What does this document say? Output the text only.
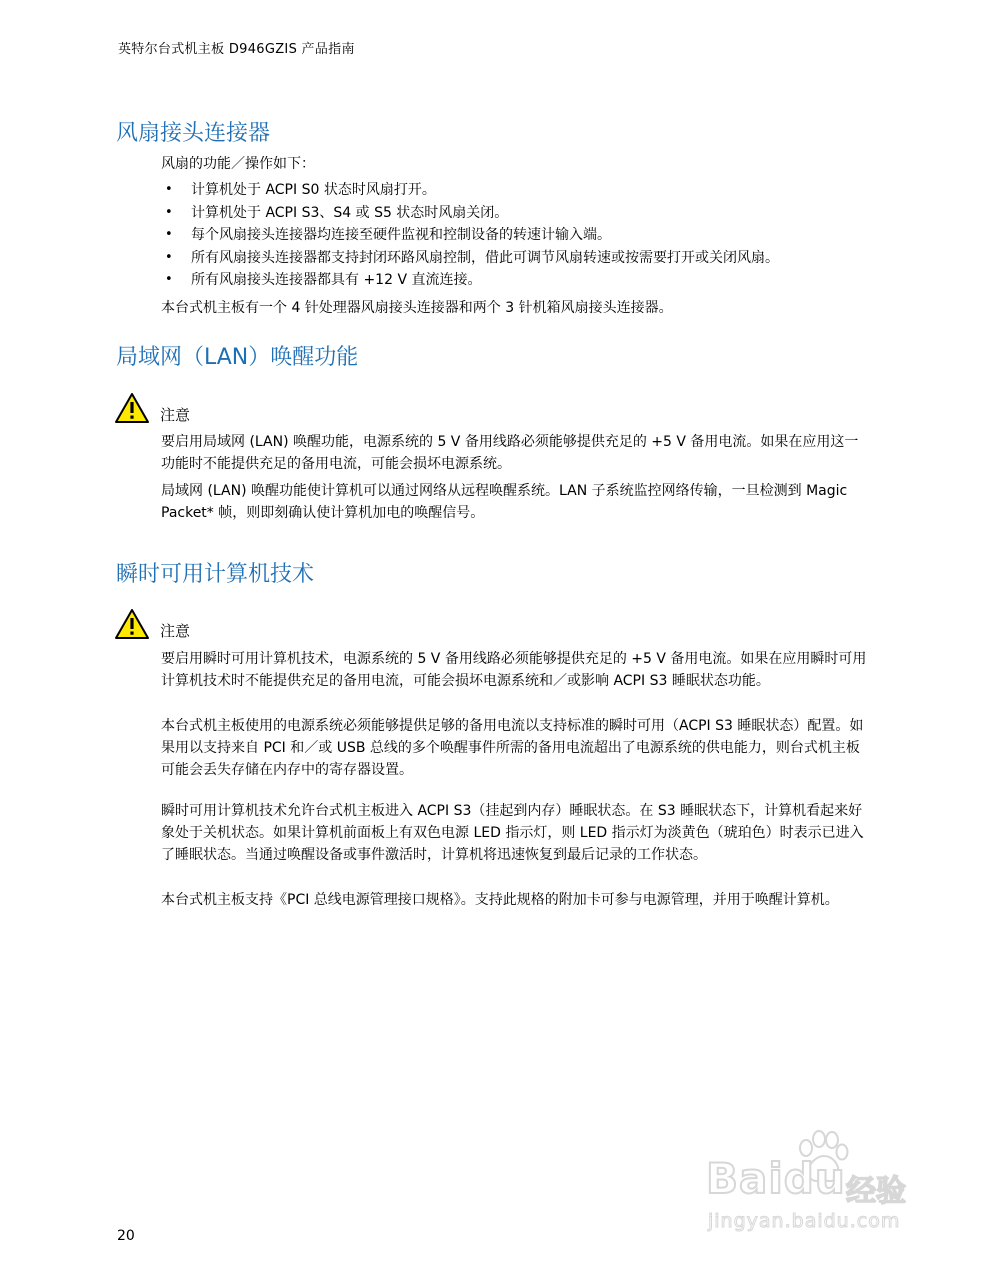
英特尔台式机主板 D946GZIS 产品指南
风扇接头连接器

风扇的功能／操作如下：

• 计算机处于 ACPI S0 状态时风扇打开。
• 计算机处于 ACPI S3、S4 或 S5 状态时风扇关闭。
• 每个风扇接头连接器均连接至硬件监视和控制设备的转速计输入端。
• 所有风扇接头连接器都支持封闭环路风扇控制，借此可调节风扇转速或按需要打开或关闭风扇。
• 所有风扇接头连接器都具有 +12 V 直流连接。

本台式机主板有一个 4 针处理器风扇接头连接器和两个 3 针机箱风扇接头连接器。

局域网（LAN）唤醒功能
注意

要启用局域网 (LAN) 唤醒功能，电源系统的 5 V 备用线路必须能够提供充足的 +5 V 备用电流。如果在应用这一功能时不能提供充足的备用电流，可能会损坏电源系统。

局域网 (LAN) 唤醒功能使计算机可以通过网络从远程唤醒系统。LAN 子系统监控网络传输，一旦检测到 Magic Packet* 帧，则即刻确认使计算机加电的唤醒信号。

瞬时可用计算机技术
注意

要启用瞬时可用计算机技术，电源系统的 5 V 备用线路必须能够提供充足的 +5 V 备用电流。如果在应用瞬时可用计算机技术时不能提供充足的备用电流，可能会损坏电源系统和／或影响 ACPI S3 睡眠状态功能。

本台式机主板使用的电源系统必须能够提供足够的备用电流以支持标准的瞬时可用（ACPI S3 睡眠状态）配置。如果用以支持来自 PCI 和／或 USB 总线的多个唤醒事件所需的备用电流超出了电源系统的供电能力，则台式机主板可能会丢失存储在内存中的寄存器设置。

瞬时可用计算机技术允许台式机主板进入 ACPI S3（挂起到内存）睡眠状态。在 S3 睡眠状态下，计算机看起来好象处于关机状态。如果计算机前面板上有双色电源 LED 指示灯，则 LED 指示灯为淡黄色（琥珀色）时表示已进入了睡眠状态。当通过唤醒设备或事件激活时，计算机将迅速恢复到最后记录的工作状态。

本台式机主板支持《PCI 总线电源管理接口规格》。支持此规格的附加卡可参与电源管理，并用于唤醒计算机。

20
Baidu 经验
jingyan.baidu.com
